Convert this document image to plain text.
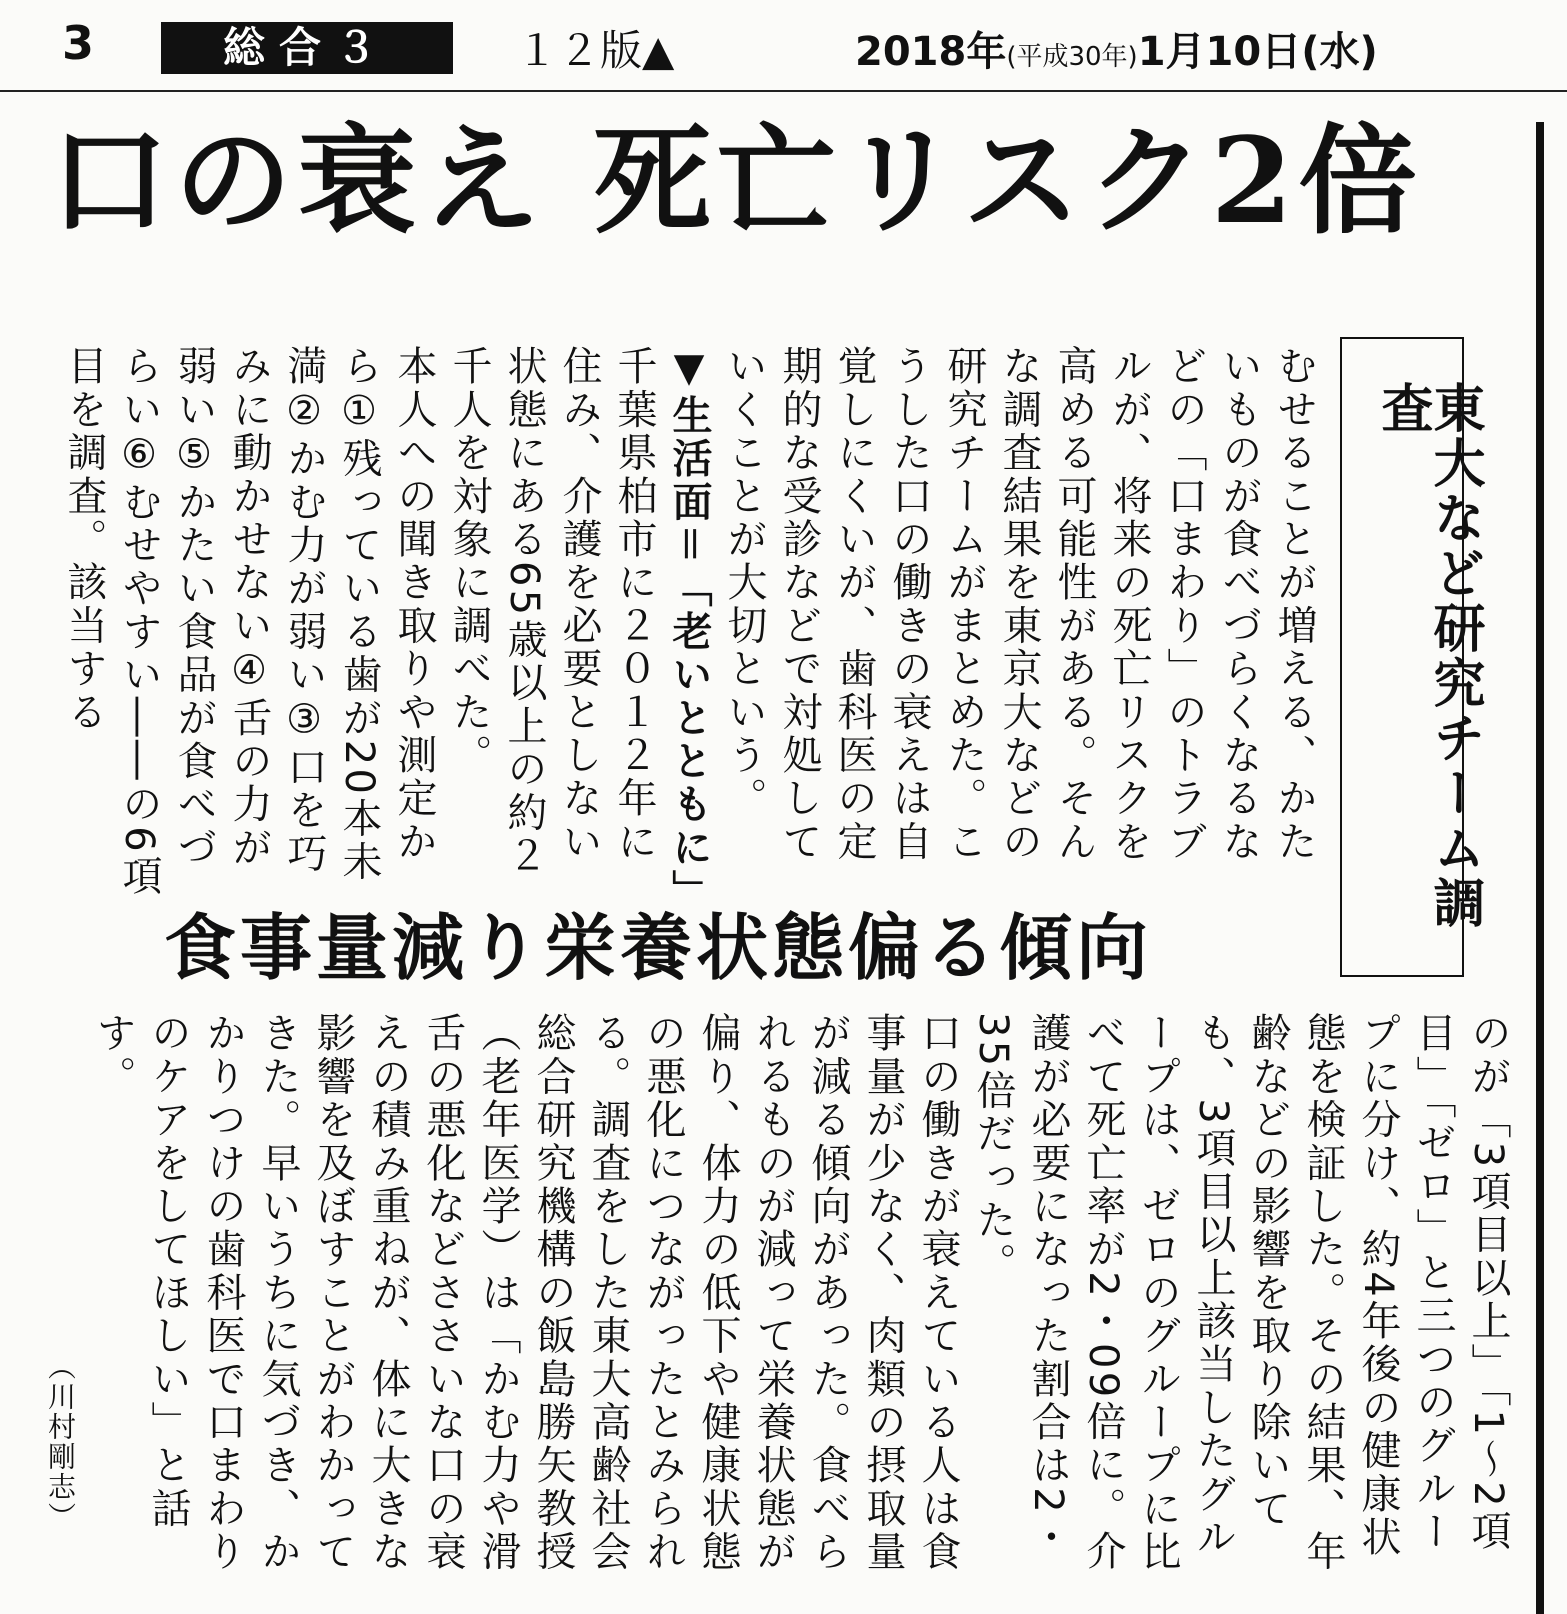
3	総合３	１２版▲	2018年(平成30年)1月10日(水)
口の衰え 死亡リスク2倍
東大など研究チーム調査

むせることが増える、かたいものが食べづらくなるなどの「口まわり」のトラブルが、将来の死亡リスクを高める可能性がある。そんな調査結果を東京大などの研究チームがまとめた。こうした口の働きの衰えは自覚しにくいが、歯科医の定期的な受診などで対処していくことが大切という。

▼生活面＝「老いとともに」

千葉県柏市に２０１２年に住み、介護を必要としない状態にある65歳以上の約２千人を対象に調べた。

本人への聞き取りや測定から①残っている歯が20本未満②かむ力が弱い③口を巧みに動かせない④舌の力が弱い⑤かたい食品が食べづらい⑥むせやすい――の6項目を調査。該当する

食事量減り栄養状態偏る傾向

のが「3項目以上」「1〜2項目」「ゼロ」と三つのグループに分け、約4年後の健康状態を検証した。その結果、年齢などの影響を取り除いても、3項目以上該当したグループは、ゼロのグループに比べて死亡率が2・09倍に。介護が必要になった割合は2・35倍だった。

口の働きが衰えている人は食事量が少なく、肉類の摂取量が減る傾向があった。食べられるものが減って栄養状態が偏り、体力の低下や健康状態の悪化につながったとみられる。調査をした東大高齢社会総合研究機構の飯島勝矢教授（老年医学）は「かむ力や滑舌の悪化などささいな口の衰えの積み重ねが、体に大きな影響を及ぼすことがわかってきた。早いうちに気づき、かかりつけの歯科医で口まわりのケアをしてほしい」と話す。

（川村剛志）
